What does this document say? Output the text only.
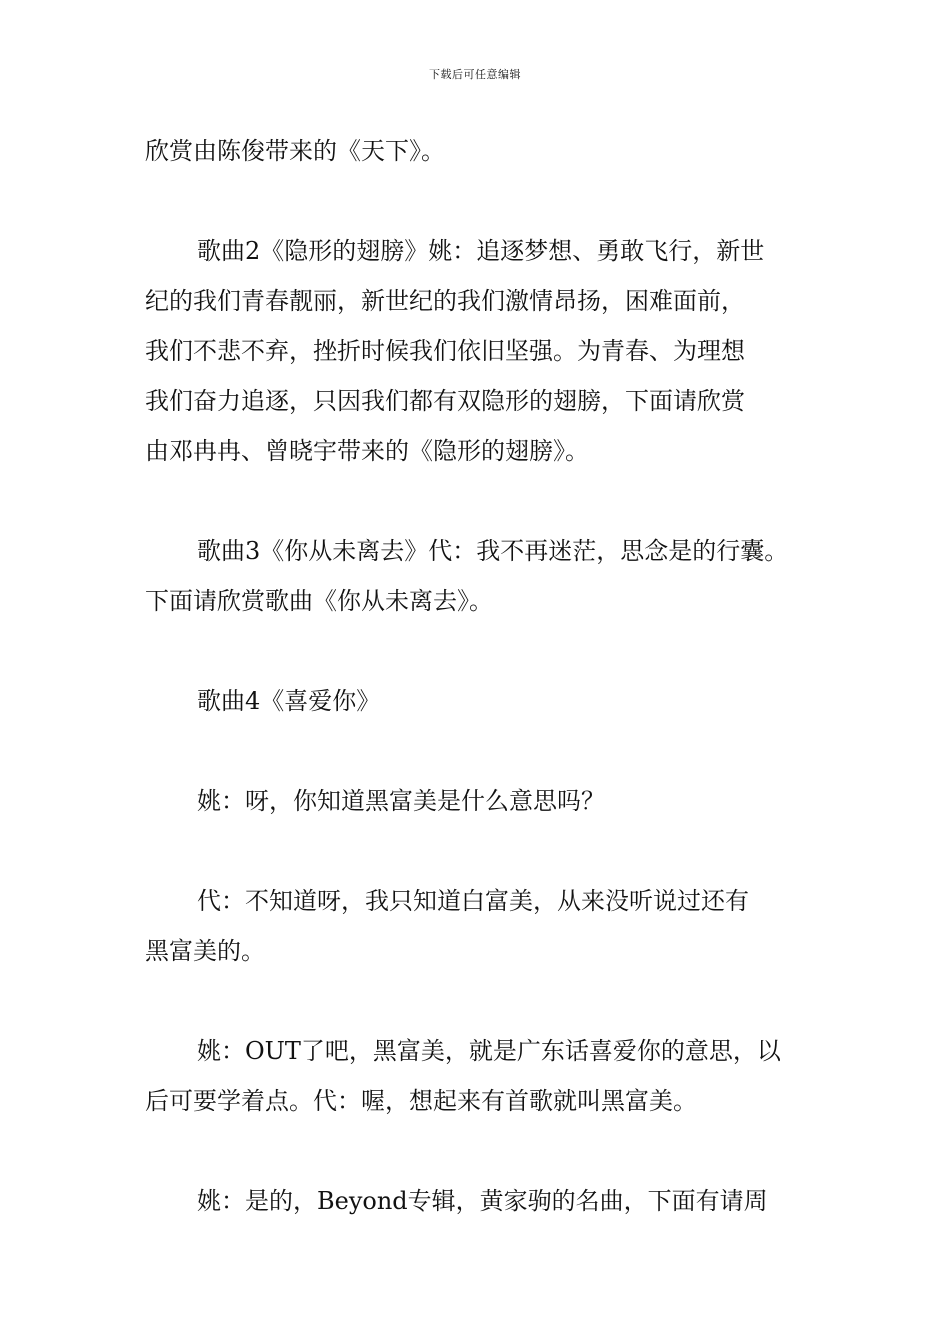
下载后可任意编辑
欣赏由陈俊带来的《天下》。
歌曲2《隐形的翅膀》姚：追逐梦想、勇敢飞行，新世
纪的我们青春靓丽，新世纪的我们激情昂扬，困难面前，
我们不悲不弃，挫折时候我们依旧坚强。为青春、为理想
我们奋力追逐，只因我们都有双隐形的翅膀，下面请欣赏
由邓冉冉、曾晓宇带来的《隐形的翅膀》。
歌曲3《你从未离去》代：我不再迷茫，思念是的行囊。
下面请欣赏歌曲《你从未离去》。
歌曲4《喜爱你》
姚：呀，你知道黑富美是什么意思吗？
代：不知道呀，我只知道白富美，从来没听说过还有
黑富美的。
姚：OUT了吧，黑富美，就是广东话喜爱你的意思，以
后可要学着点。代：喔，想起来有首歌就叫黑富美。
姚：是的，Beyond专辑，黄家驹的名曲，下面有请周
